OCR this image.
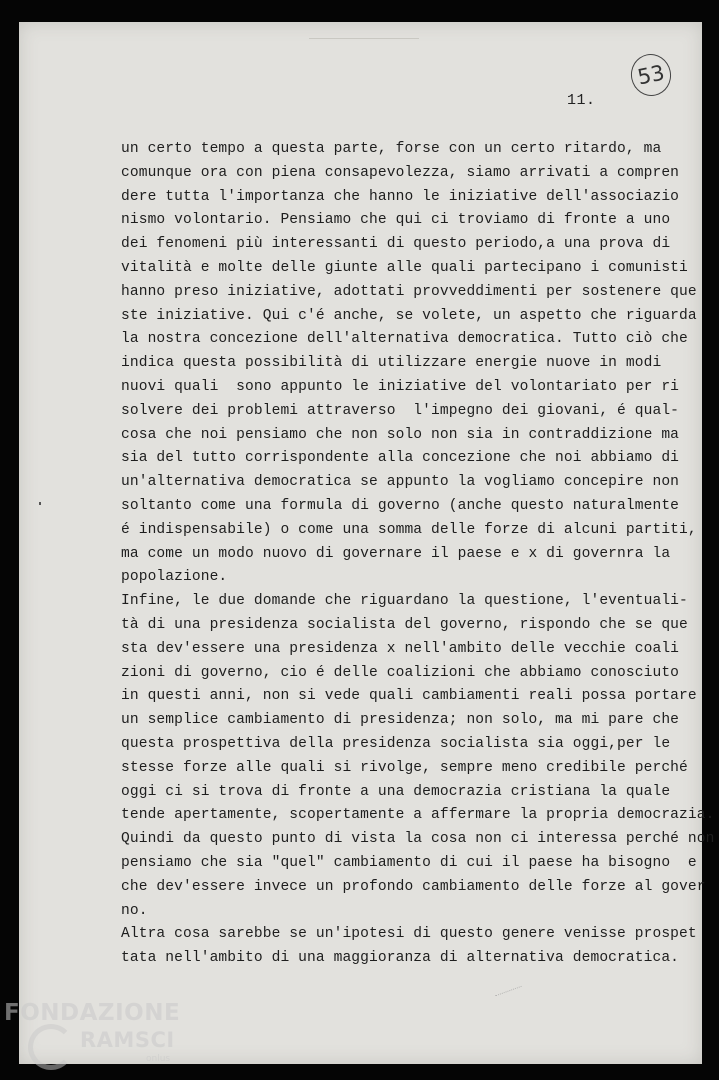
53
11.
un certo tempo a questa parte, forse con un certo ritardo, ma
comunque ora con piena consapevolezza, siamo arrivati a compren
dere tutta l'importanza che hanno le iniziative dell'associazio
nismo volontario. Pensiamo che qui ci troviamo di fronte a uno
dei fenomeni più interessanti di questo periodo,a una prova di
vitalità e molte delle giunte alle quali partecipano i comunisti
hanno preso iniziative, adottati provveddimenti per sostenere que
ste iniziative. Qui c'é anche, se volete, un aspetto che riguarda
la nostra concezione dell'alternativa democratica. Tutto ciò che
indica questa possibilità di utilizzare energie nuove in modi
nuovi quali  sono appunto le iniziative del volontariato per ri
solvere dei problemi attraverso  l'impegno dei giovani, é qual-
cosa che noi pensiamo che non solo non sia in contraddizione ma
sia del tutto corrispondente alla concezione che noi abbiamo di
un'alternativa democratica se appunto la vogliamo concepire non
soltanto come una formula di governo (anche questo naturalmente
é indispensabile) o come una somma delle forze di alcuni partiti,
ma come un modo nuovo di governare il paese e x di governra la
popolazione.
Infine, le due domande che riguardano la questione, l'eventuali-
tà di una presidenza socialista del governo, rispondo che se que
sta dev'essere una presidenza x nell'ambito delle vecchie coali
zioni di governo, cio é delle coalizioni che abbiamo conosciuto
in questi anni, non si vede quali cambiamenti reali possa portare
un semplice cambiamento di presidenza; non solo, ma mi pare che
questa prospettiva della presidenza socialista sia oggi,per le
stesse forze alle quali si rivolge, sempre meno credibile perché
oggi ci si trova di fronte a una democrazia cristiana la quale
tende apertamente, scopertamente a affermare la propria democrazia.
Quindi da questo punto di vista la cosa non ci interessa perché non
pensiamo che sia "quel" cambiamento di cui il paese ha bisogno  e
che dev'essere invece un profondo cambiamento delle forze al gover
no.
Altra cosa sarebbe se un'ipotesi di questo genere venisse prospet
tata nell'ambito di una maggioranza di alternativa democratica.
FONDAZIONE
RAMSCI
onlus
